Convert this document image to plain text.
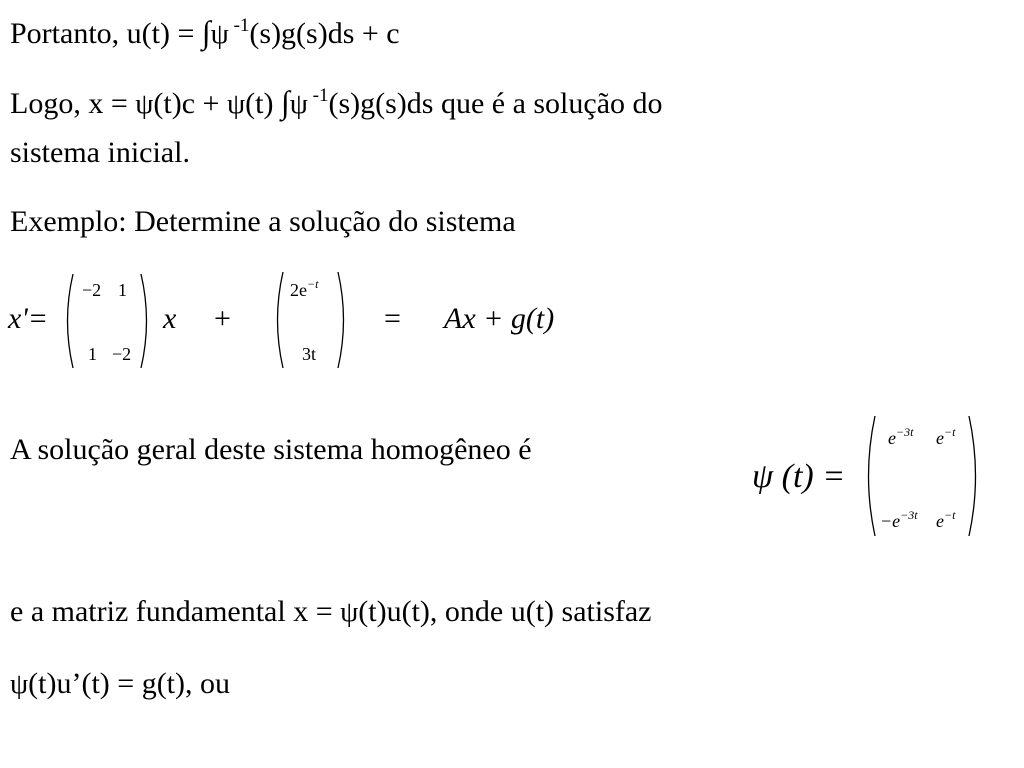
Portanto, u(t) = ∫ψ $^{-1}$(s)g(s)ds + c
Logo, x = ψ(t)c + ψ(t) ∫ψ $^{-1}$(s)g(s)ds que é a solução do
sistema inicial.
Exemplo: Determine a solução do sistema
x'=
−2 1
1 −2
x +
$2e^{-t}$
3t
= Ax + g(t)
A solução geral deste sistema homogêneo é
ψ (t) =
$e^{-3t}$ $e^{-t}$
$-e^{-3t}$ $e^{-t}$
e a matriz fundamental x = ψ(t)u(t), onde u(t) satisfaz
ψ(t)u’(t) = g(t), ou
